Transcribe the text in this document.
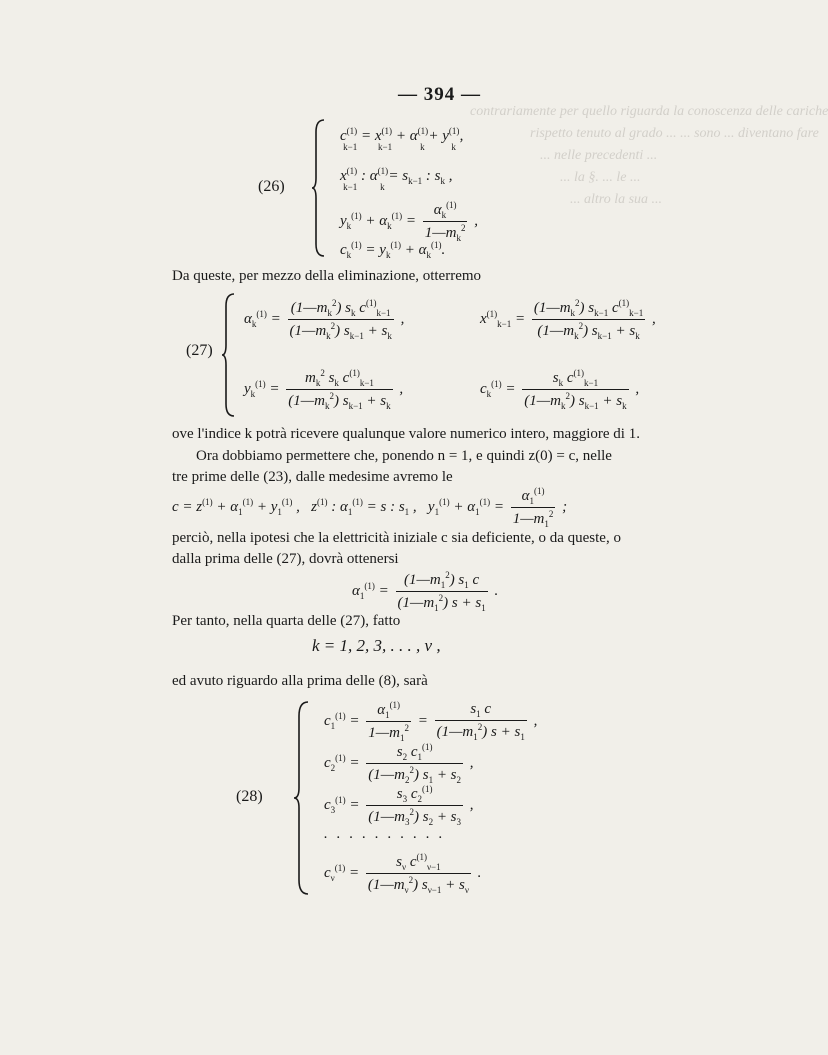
contrariamente per quello riguarda la conoscenza delle cariche
rispetto tenuto al grado ... ... sono ... diventano fare
... nelle precedenti ...
... la §. ... le ...
... altro la sua ...
— 394 —
(26)
$c^{(1)}_{k-1} = x^{(1)}_{k-1} + \alpha^{(1)}_k + y^{(1)}_k$ ,
$x^{(1)}_{k-1}$ : $\alpha^{(1)}_k = s_{k-1}$ : $s_k$ ,
$y_k^{(1)} + \alpha_k^{(1)} = \frac{\alpha_k^{(1)}}{1—m_k^2}$ ,
$c_k^{(1)} = y_k^{(1)} + \alpha_k^{(1)}$.
Da queste, per mezzo della eliminazione, otterremo
(27)
$\alpha_k^{(1)} = \frac{(1—m_k^2) s_k c^{(1)}_{k-1}}{(1—m_k^2) s_{k-1} + s_k}$ ,	$x^{(1)}_{k-1} = \frac{(1—m_k^2) s_{k-1} c^{(1)}_{k-1}}{(1—m_k^2) s_{k-1} + s_k}$ ,
$y_k^{(1)} = \frac{m_k^2 s_k c^{(1)}_{k-1}}{(1—m_k^2) s_{k-1} + s_k}$ ,	$c_k^{(1)} = \frac{s_k c^{(1)}_{k-1}}{(1—m_k^2) s_{k-1} + s_k}$ ,
ove l'indice k potrà ricevere qualunque valore numerico intero, maggiore di 1.
Ora dobbiamo permettere che, ponendo n = 1, e quindi z(0) = c, nelle
tre prime delle (23), dalle medesime avremo le
$c = z^{(1)} + \alpha_1^{(1)} + y_1^{(1)}$ ,   $z^{(1)}$ : $\alpha_1^{(1)} = s$ : $s_1$ ,   $y_1^{(1)} + \alpha_1^{(1)} = \frac{\alpha_1^{(1)}}{1—m_1^2}$ ;
perciò, nella ipotesi che la elettricità iniziale c sia deficiente, o da queste, o
dalla prima delle (27), dovrà ottenersi
$\alpha_1^{(1)} = \frac{(1—m_1^2) s_1 c}{(1—m_1^2) s + s_1}$ .
Per tanto, nella quarta delle (27), fatto
k = 1, 2, 3, . . . , ν ,
ed avuto riguardo alla prima delle (8), sarà
(28)
$c_1^{(1)} = \frac{\alpha_1^{(1)}}{1—m_1^2} = \frac{s_1 c}{(1—m_1^2) s + s_1}$ ,
$c_2^{(1)} = \frac{s_2 c_1^{(1)}}{(1—m_2^2) s_1 + s_2}$ ,
$c_3^{(1)} = \frac{s_3 c_2^{(1)}}{(1—m_3^2) s_2 + s_3}$ ,
..........
$c_\nu^{(1)} = \frac{s_\nu c^{(1)}_{\nu-1}}{(1—m_\nu^2) s_{\nu-1} + s_\nu}$ .
